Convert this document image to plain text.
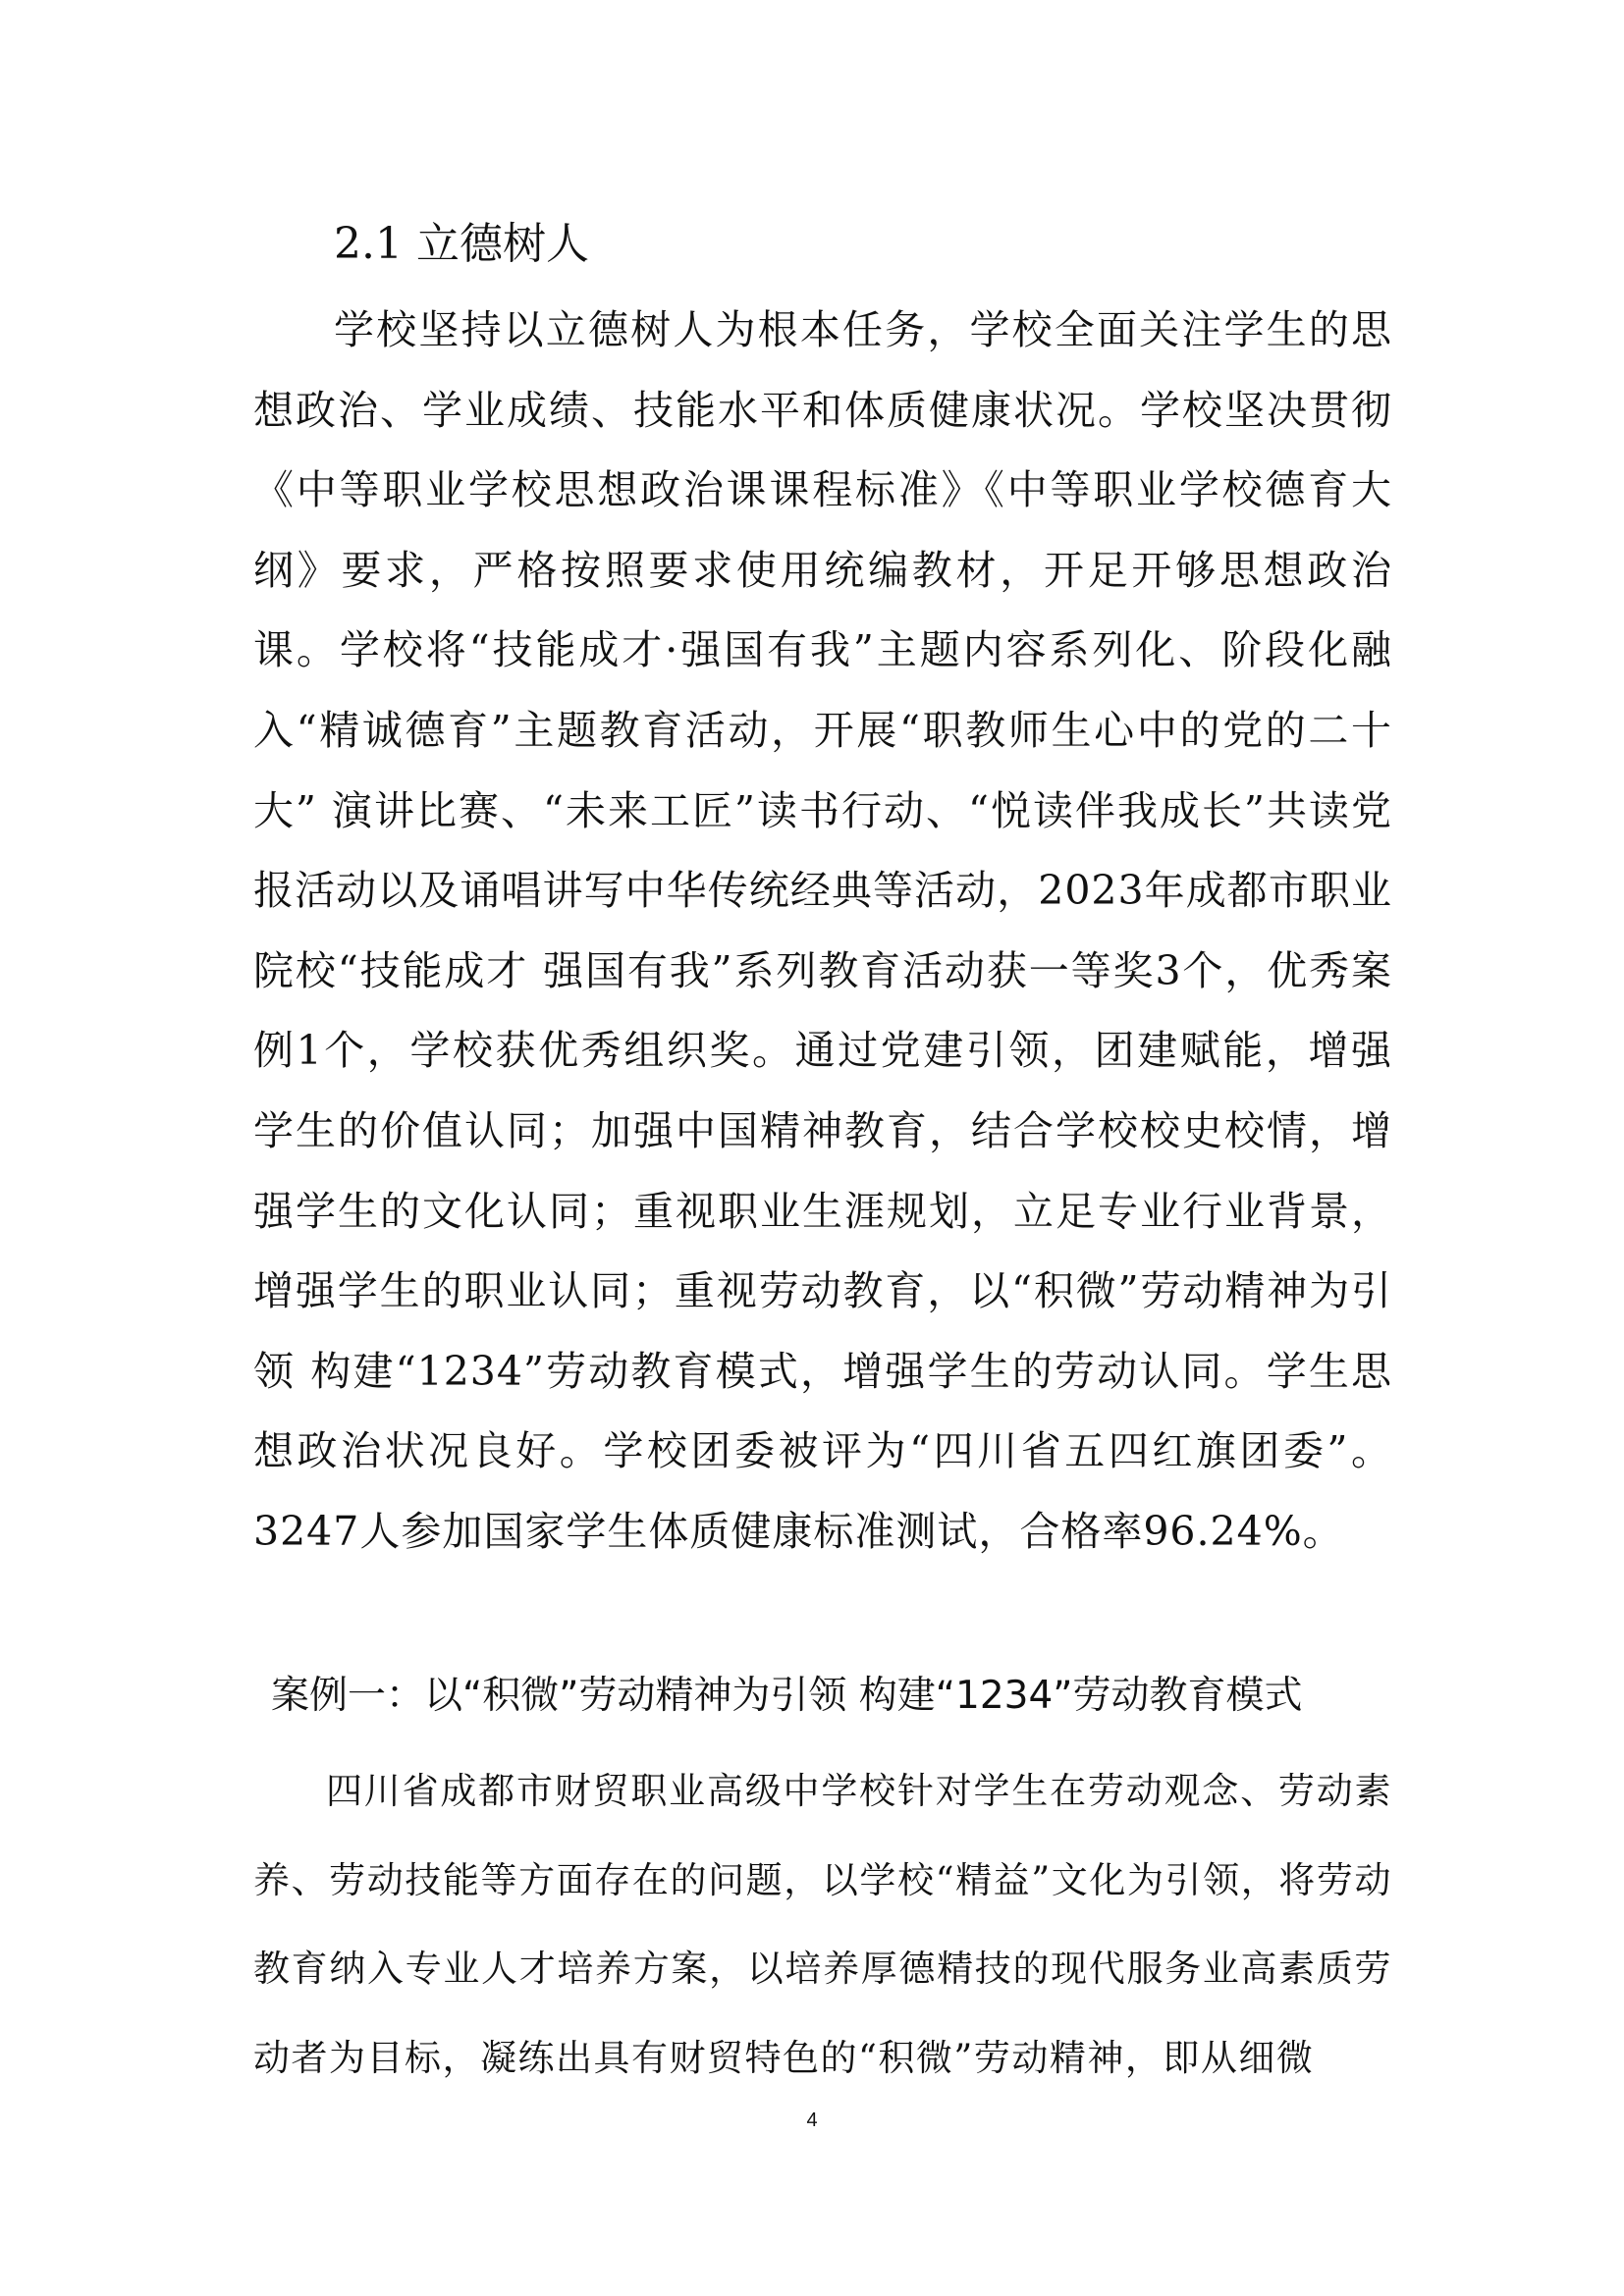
2.1 立德树人

学校坚持以立德树人为根本任务，学校全面关注学生的思想政治、学业成绩、技能水平和体质健康状况。学校坚决贯彻《中等职业学校思想政治课课程标准》《中等职业学校德育大纲》要求，严格按照要求使用统编教材，开足开够思想政治课。学校将“技能成才·强国有我”主题内容系列化、阶段化融入“精诚德育”主题教育活动，开展“职教师生心中的党的二十大” 演讲比赛、“未来工匠”读书行动、“悦读伴我成长”共读党报活动以及诵唱讲写中华传统经典等活动，2023年成都市职业院校“技能成才 强国有我”系列教育活动获一等奖3个，优秀案例1个，学校获优秀组织奖。通过党建引领，团建赋能，增强学生的价值认同；加强中国精神教育，结合学校校史校情，增强学生的文化认同；重视职业生涯规划，立足专业行业背景，增强学生的职业认同；重视劳动教育，以“积微”劳动精神为引领 构建“1234”劳动教育模式，增强学生的劳动认同。学生思想政治状况良好。学校团委被评为“四川省五四红旗团委”。3247人参加国家学生体质健康标准测试，合格率96.24%。

案例一：以“积微”劳动精神为引领 构建“1234”劳动教育模式

四川省成都市财贸职业高级中学校针对学生在劳动观念、劳动素养、劳动技能等方面存在的问题，以学校“精益”文化为引领，将劳动教育纳入专业人才培养方案，以培养厚德精技的现代服务业高素质劳动者为目标，凝练出具有财贸特色的“积微”劳动精神，即从细微

4
